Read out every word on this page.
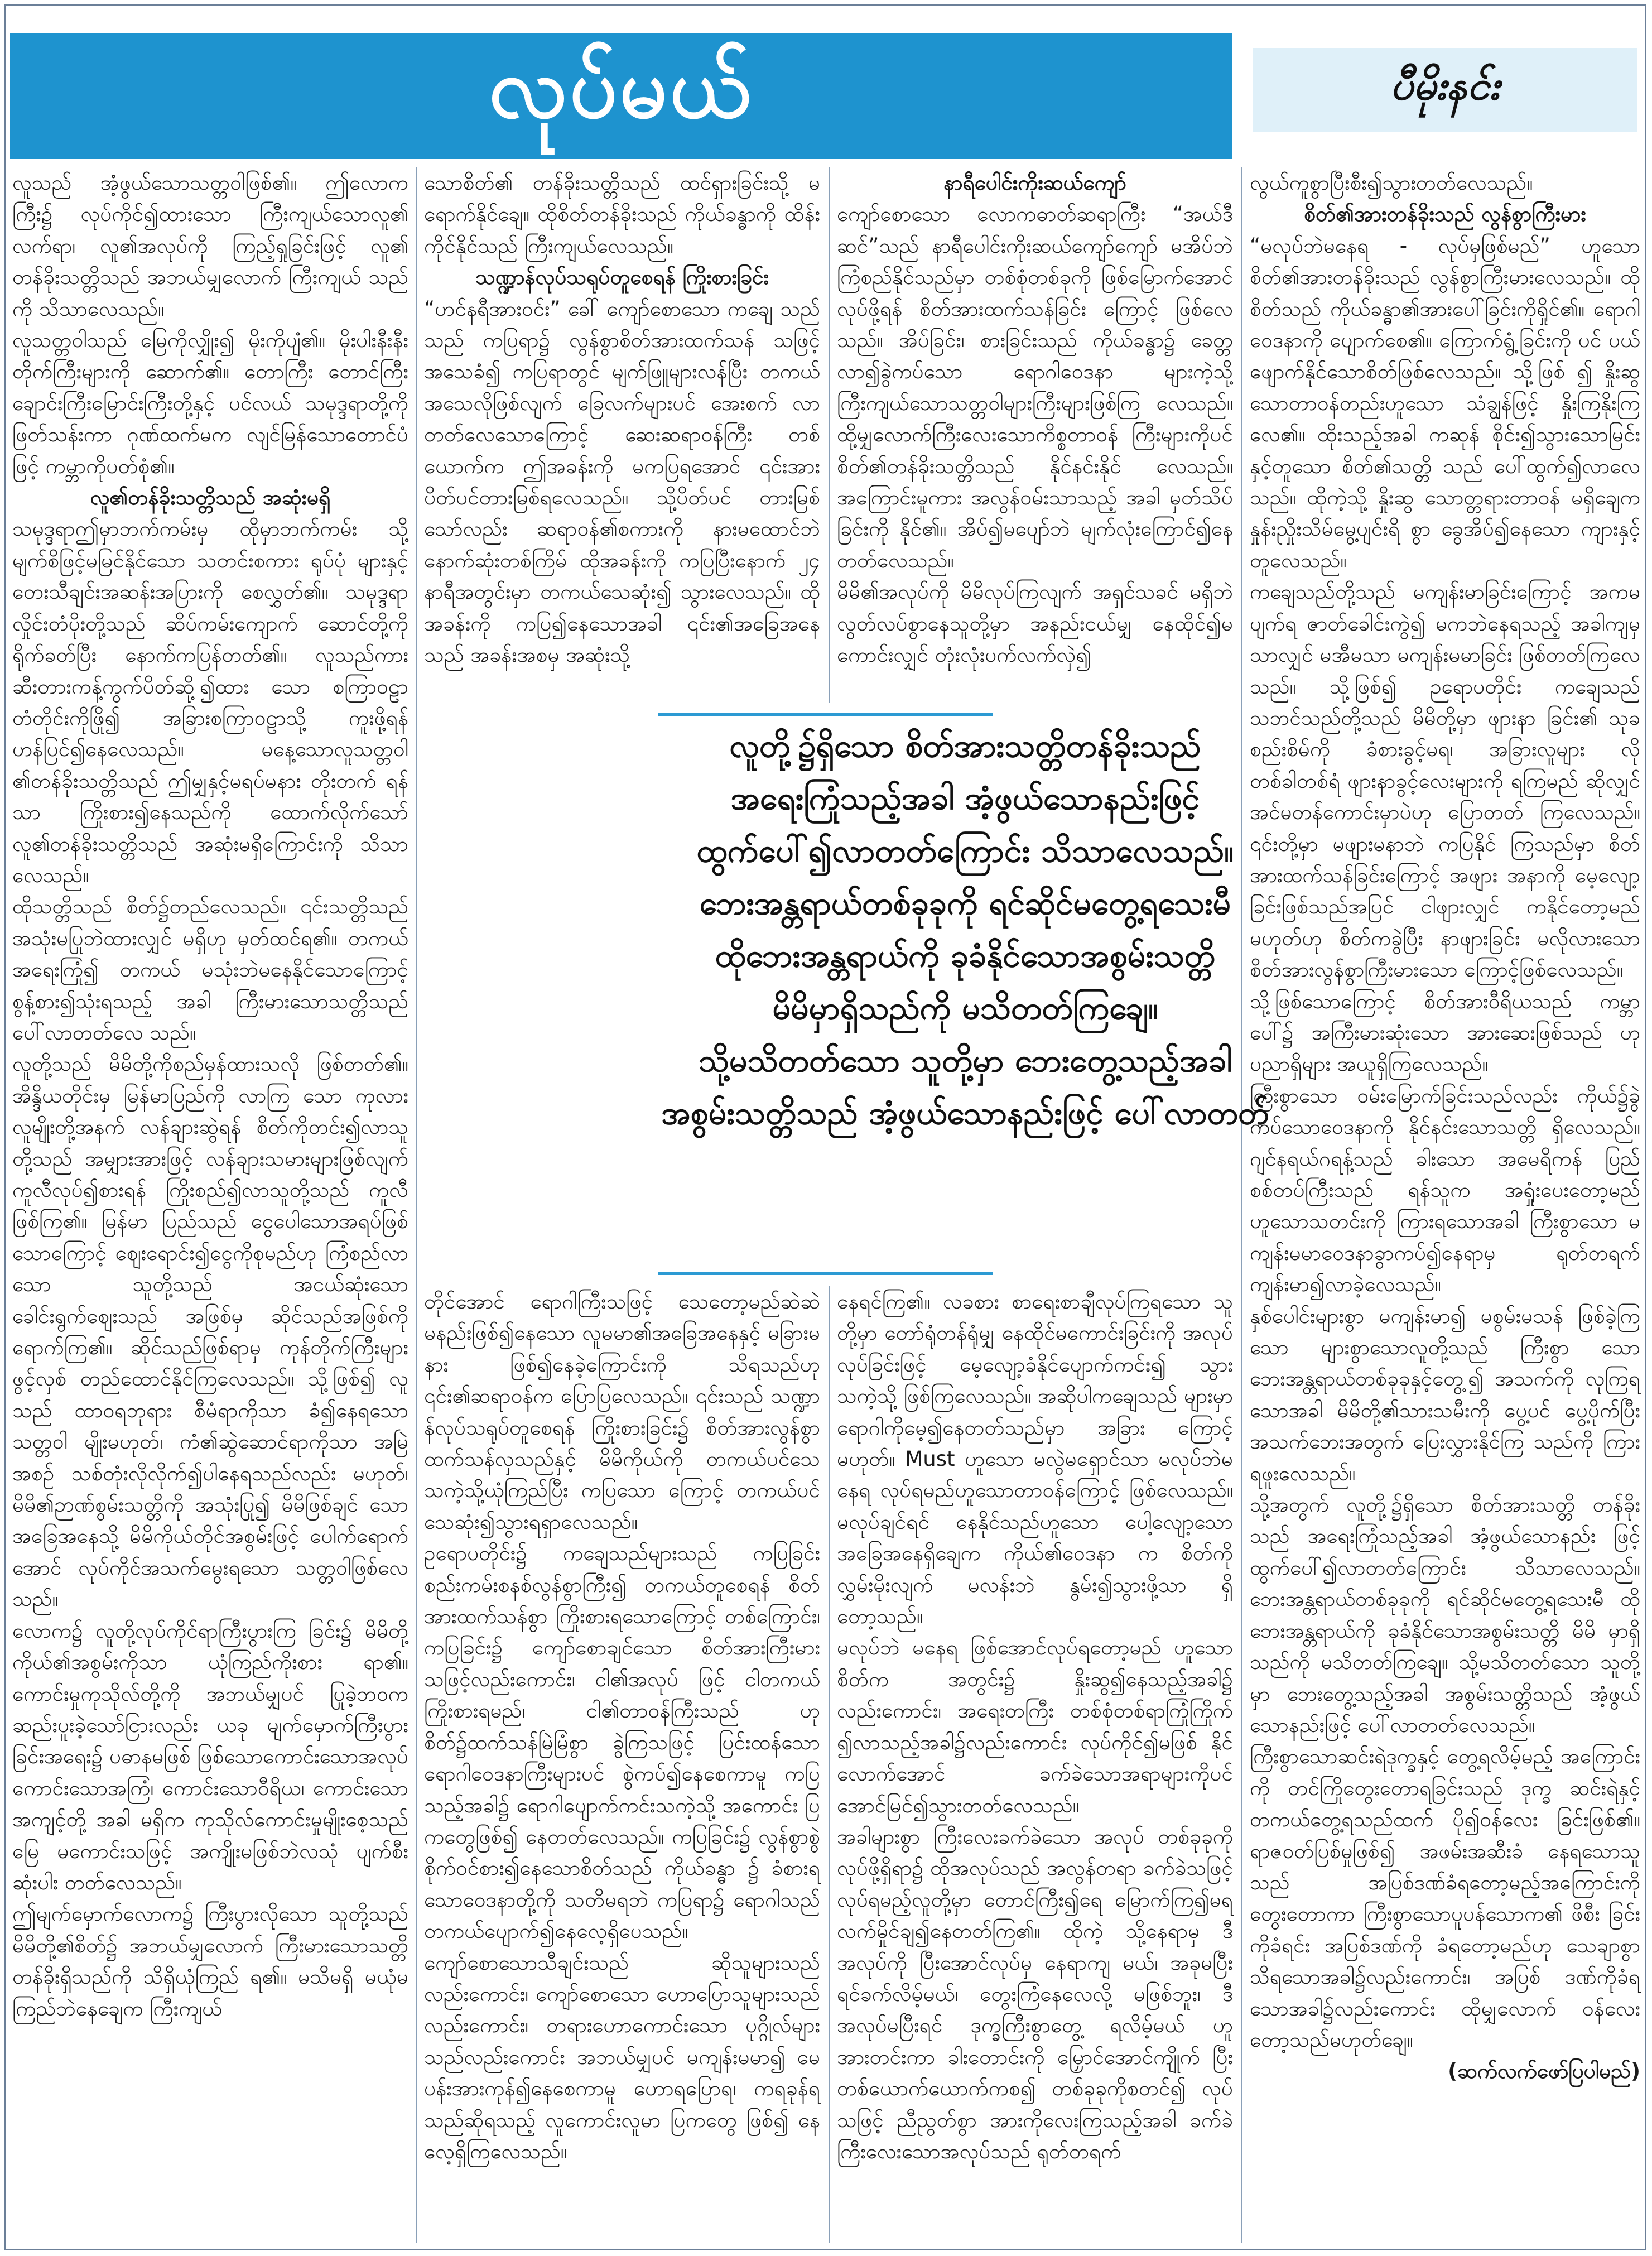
လုပ်မယ်	ပီမိုးနင်း

လူသည် အံ့ဖွယ်သောသတ္တဝါဖြစ်၏။ ဤလောက ကြီး၌ လုပ်ကိုင်၍ထားသော ကြီးကျယ်သောလူ၏ လက်ရာ၊ လူ၏အလုပ်ကို ကြည့်ရှုခြင်းဖြင့် လူ၏ တန်ခိုးသတ္တိသည် အဘယ်မျှလောက် ကြီးကျယ် သည်ကို သိသာလေသည်။

လူသတ္တဝါသည် မြေကိုလျှိုး၍ မိုးကိုပျံ၏။ မိုးပါးနီးနီးတိုက်ကြီးများကို ဆောက်၏။ တောကြီး တောင်ကြီး ချောင်းကြီးမြောင်းကြီးတို့နှင့် ပင်လယ် သမုဒ္ဒရာတို့ကို ဖြတ်သန်းကာ ဂုဏ်ထက်မက လျင်မြန်သောတောင်ပံဖြင့် ကမ္ဘာကိုပတ်စုံ၏။

လူ၏တန်ခိုးသတ္တိသည် အဆုံးမရှိ

သမုဒ္ဒရာဤမှာဘက်ကမ်းမှ ထိုမှာဘက်ကမ်း သို့ မျက်စိဖြင့်မမြင်နိုင်သော သတင်းစကား ရုပ်ပုံ များနှင့် တေးသီချင်းအဆန်းအပြားကို စေလွှတ်၏။ သမုဒ္ဒရာလှိုင်းတံပိုးတို့သည် ဆိပ်ကမ်းကျောက် ဆောင်တို့ကို ရိုက်ခတ်ပြီး နောက်ကပြန်တတ်၏။ လူသည်ကား ဆီးတားကန့်ကွက်ပိတ်ဆို့၍ထား သော စကြာဝဠာတံတိုင်းကိုဖြို၍ အခြားစကြာဝဠာသို့ ကူးဖို့ရန် ဟန်ပြင်၍နေလေသည်။ မနေ့သောလူသတ္တဝါ ၏တန်ခိုးသတ္တိသည် ဤမျှနှင့်မရပ်မနား တိုးတက် ရန်သာ ကြိုးစား၍နေသည်ကို ထောက်လိုက်သော် လူ၏တန်ခိုးသတ္တိသည် အဆုံးမရှိကြောင်းကို သိသာလေသည်။

ထိုသတ္တိသည် စိတ်၌တည်လေသည်။ ၎င်းသတ္တိသည် အသုံးမပြုဘဲထားလျှင် မရှိဟု မှတ်ထင်ရ၏။ တကယ်အရေးကြုံ၍ တကယ် မသုံးဘဲမနေနိုင်သောကြောင့် စွန့်စား၍သုံးရသည့် အခါ ကြီးမားသောသတ္တိသည် ပေါ်လာတတ်လေ သည်။

လူတို့သည် မိမိတို့ကိုစည်မှန်ထားသလို ဖြစ်တတ်၏။ အိန္ဒိယတိုင်းမှ မြန်မာပြည်ကို လာကြ သော ကုလားလူမျိုးတို့အနက် လန်ချားဆွဲရန် စိတ်ကိုတင်း၍လာသူတို့သည် အမျှားအားဖြင့် လန်ချားသမားများဖြစ်လျက် ကူလီလုပ်၍စားရန် ကြိုးစည်၍လာသူတို့သည် ကူလီဖြစ်ကြ၏။ မြန်မာ ပြည်သည် ငွေပေါသောအရပ်ဖြစ်သောကြောင့် ဈေးရောင်း၍ငွေကိုစုမည်ဟု ကြံစည်လာသော သူတို့သည် အငယ်ဆုံးသော ခေါင်းရွက်ဈေးသည် အဖြစ်မှ ဆိုင်သည်အဖြစ်ကို ရောက်ကြ၏။ ဆိုင်သည်ဖြစ်ရာမှ ကုန်တိုက်ကြီးများ ဖွင့်လှစ် တည်ထောင်နိုင်ကြလေသည်။ သို့ဖြစ်၍ လူသည် ထာဝရဘုရား စီမံရာကိုသာ ခံ၍နေရသောသတ္တဝါ မျိုးမဟုတ်၊ ကံ၏ဆွဲဆောင်ရာကိုသာ အမြဲအစဉ် သစ်တုံးလိုလိုက်၍ပါနေရသည်လည်း မဟုတ်၊ မိမိ၏ဉာဏ်စွမ်းသတ္တိကို အသုံးပြု၍ မိမိဖြစ်ချင် သောအခြေအနေသို့ မိမိကိုယ်တိုင်အစွမ်းဖြင့် ပေါက်ရောက်အောင် လုပ်ကိုင်အသက်မွေးရသော သတ္တဝါဖြစ်လေသည်။

လောက၌ လူတို့လုပ်ကိုင်ရာကြီးပွားကြ ခြင်း၌ မိမိတို့ကိုယ်၏အစွမ်းကိုသာ ယုံကြည်ကိုးစား ရာ၏။ ကောင်းမှုကုသိုလ်တို့ကို အဘယ်မျှပင် ပြုခဲ့ဘဝက ဆည်းပူးခဲ့သော်ငြားလည်း ယခု မျက်မှောက်ကြီးပွားခြင်းအရေး၌ ပဓာနမဖြစ် ဖြစ်သောကောင်းသောအလုပ်ကောင်းသောအကြံ၊ ကောင်းသောဝီရိယ၊ ကောင်းသောအကျင့်တို့ အခါ မရှိက ကုသိုလ်ကောင်းမှုမျိုးစေ့သည် မြေ မကောင်းသဖြင့် အကျိုးမဖြစ်ဘဲလသုံ ပျက်စီးဆုံးပါး တတ်လေသည်။

ဤမျက်မှောက်လောက၌ ကြီးပွားလိုသော သူတို့သည် မိမိတို့၏စိတ်၌ အဘယ်မျှလောက် ကြီးမားသောသတ္တိတန်ခိုးရှိသည်ကို သိရှိယုံကြည် ရ၏။ မသိမရှိ မယုံမကြည်ဘဲနေချေက ကြီးကျယ်

သောစိတ်၏ တန်ခိုးသတ္တိသည် ထင်ရှားခြင်းသို့ မရောက်နိုင်ချေ။ ထိုစိတ်တန်ခိုးသည် ကိုယ်ခန္ဓာကို ထိန်းကိုင်နိုင်သည် ကြီးကျယ်လေသည်။

သဏ္ဍာန်လုပ်သရုပ်တူစေရန် ကြိုးစားခြင်း

“ဟင်နရီအားဝင်း” ခေါ် ကျော်စောသော ကချေ သည်သည် ကပြရာ၌ လွန်စွာစိတ်အားထက်သန် သဖြင့် အသေခံ၍ ကပြရာတွင် မျက်ဖြူများလန်ပြီး တကယ်အသေလိုဖြစ်လျက် ခြေလက်များပင် အေးစက် လာတတ်လေသောကြောင့် ဆေးဆရာဝန်ကြီး တစ်ယောက်က ဤအခန်းကို မကပြရအောင် ၎င်းအား ပိတ်ပင်တားမြစ်ရလေသည်။ သို့ပိတ်ပင် တားမြစ်သော်လည်း ဆရာဝန်၏စကားကို နားမထောင်ဘဲ နောက်ဆုံးတစ်ကြိမ် ထိုအခန်းကို ကပြပြီးနောက် ၂၄ နာရီအတွင်းမှာ တကယ်သေဆုံး၍ သွားလေသည်။ ထိုအခန်းကို ကပြ၍နေသောအခါ ၎င်း၏အခြေအနေသည် အခန်းအစမှ အဆုံးသို့

နာရီပေါင်းကိုးဆယ်ကျော်

ကျော်စောသော လောကဓာတ်ဆရာကြီး “အယ်ဒီဆင်”သည် နာရီပေါင်းကိုးဆယ်ကျော်ကျော် မအိပ်ဘဲ ကြံစည်နိုင်သည်မှာ တစ်စုံတစ်ခုကို ဖြစ်မြောက်အောင် လုပ်ဖို့ရန် စိတ်အားထက်သန်ခြင်း ကြောင့် ဖြစ်လေသည်။ အိပ်ခြင်း၊ စားခြင်းသည် ကိုယ်ခန္ဓာ၌ ခေတ္တလာ၍ခွဲကပ်သော ရောဂါဝေဒနာ များကဲ့သို့ ကြီးကျယ်သောသတ္တဝါများကြီးများဖြစ်ကြ လေသည်။ ထို့မျှလောက်ကြီးလေးသောကိစ္စတာဝန် ကြီးများကိုပင် စိတ်၏တန်ခိုးသတ္တိသည် နိုင်နင်းနိုင် လေသည်။ အကြောင်းမူကား အလွန်ဝမ်းသာသည့် အခါ မှတ်သိပ်ခြင်းကို နိုင်၏။ အိပ်၍မပျော်ဘဲ မျက်လုံးကြောင်၍နေတတ်လေသည်။

မိမိ၏အလုပ်ကို မိမိလုပ်ကြလျက် အရှင်သခင် မရှိဘဲ လွတ်လပ်စွာနေသူတို့မှာ အနည်းငယ်မျှ နေထိုင်၍မကောင်းလျှင် တုံးလုံးပက်လက်လှဲ၍

လွယ်ကူစွာပြီးစီး၍သွားတတ်လေသည်။

စိတ်၏အားတန်ခိုးသည် လွန်စွာကြီးမား

“မလုပ်ဘဲမနေရ - လုပ်မှဖြစ်မည်” ဟူသော စိတ်၏အားတန်ခိုးသည် လွန်စွာကြီးမားလေသည်။ ထိုစိတ်သည် ကိုယ်ခန္ဓာ၏အားပေါ်ခြင်းကိုရှိုင်၏။ ရောဂါဝေဒနာကို ပျောက်စေ၏။ ကြောက်ရွံ့ခြင်းကို ပင် ပယ်ဖျောက်နိုင်သောစိတ်ဖြစ်လေသည်။ သို့ဖြစ် ၍ နှိုးဆွသောတာဝန်တည်းဟူသော သံချွန်ဖြင့် နှိုးကြနိုးကြလေ၏။ ထိုးသည့်အခါ ကဆုန် စိုင်း၍သွားသောမြင်းနှင့်တူသော စိတ်၏သတ္တိ သည် ပေါ်ထွက်၍လာလေသည်။ ထိုကဲ့သို့ နှိုးဆွ သောတ္တရားတာဝန် မရှိချေက နှုန်းညှိုးသိမ်မွေ့ပျင်းရိ စွာ ခွေအိပ်၍နေသော ကျားနှင့်တူလေသည်။

ကချေသည်တို့သည် မကျန်းမာခြင်းကြောင့် အကမပျက်ရ ဇာတ်ခေါင်းကွဲ၍ မကဘဲနေရသည့် အခါကျမှသာလျှင် မအီမသာ မကျန်းမမာခြင်း ဖြစ်တတ်ကြလေသည်။ သို့ဖြစ်၍ ဉရောပတိုင်း ကချေသည် သဘင်သည်တို့သည် မိမိတို့မှာ ဖျားနာ ခြင်း၏ သုခစည်းစိမ်ကို ခံစားခွင့်မရ၊ အခြားလူများ လို တစ်ခါတစ်ရံ ဖျားနာခွင့်လေးများကို ရကြမည် ဆိုလျှင် အင်မတန်ကောင်းမှာပဲဟု ပြောတတ် ကြလေသည်။ ၎င်းတို့မှာ မဖျားမနာဘဲ ကပြနိုင် ကြသည်မှာ စိတ်အားထက်သန်ခြင်းကြောင့် အဖျား အနာကို မေ့လျော့ခြင်းဖြစ်သည်အပြင် ငါဖျားလျှင် ကနိုင်တော့မည်မဟုတ်ဟု စိတ်ကခွဲပြီး နာဖျားခြင်း မလိုလားသော စိတ်အားလွန်စွာကြီးမားသော ကြောင့်ဖြစ်လေသည်။

သို့ဖြစ်သောကြောင့် စိတ်အားဝီရိယသည် ကမ္ဘာပေါ်၌ အကြီးမားဆုံးသော အားဆေးဖြစ်သည် ဟု ပညာရှိများ အယူရှိကြလေသည်။

ကြီးစွာသော ဝမ်းမြောက်ခြင်းသည်လည်း ကိုယ်၌ခွဲကပ်သောဝေဒနာကို နိုင်နင်းသောသတ္တိ ရှိလေသည်။ ဂျင်နရယ်ဂရန့်သည် ခါးသော အမေရိကန် ပြည်စစ်တပ်ကြီးသည် ရန်သူက အရှုံးပေးတော့မည် ဟူသောသတင်းကို ကြားရသောအခါ ကြီးစွာသော မကျန်းမမာဝေဒနာခွာကပ်၍နေရာမှ ရုတ်တရက် ကျန်းမာ၍လာခဲ့လေသည်။

နှစ်ပေါင်းများစွာ မကျန်းမာ၍ မစွမ်းမသန် ဖြစ်ခဲ့ကြသော များစွာသောလူတို့သည် ကြီးစွာ သော ဘေးအန္တရာယ်တစ်ခုခုနှင့်တွေ့၍ အသက်ကို လုကြရသောအခါ မိမိတို့၏သားသမီးကို ပွေ့ပင် ပွေ့ပိုက်ပြီး အသက်ဘေးအတွက် ပြေးလွှားနိုင်ကြ သည်ကို ကြားရဖူးလေသည်။

သို့အတွက် လူတို့၌ရှိသော စိတ်အားသတ္တိ တန်ခိုးသည် အရေးကြုံသည့်အခါ အံ့ဖွယ်သောနည်း ဖြင့် ထွက်ပေါ်၍လာတတ်ကြောင်း သိသာလေသည်။ ဘေးအန္တရာယ်တစ်ခုခုကို ရင်ဆိုင်မတွေ့ရသေးမီ ထိုဘေးအန္တရာယ်ကို ခုခံနိုင်သောအစွမ်းသတ္တိ မိမိ မှာရှိသည်ကို မသိတတ်ကြချေ။ သို့မသိတတ်သော သူတို့မှာ ဘေးတွေ့သည့်အခါ အစွမ်းသတ္တိသည် အံ့ဖွယ်သောနည်းဖြင့် ပေါ်လာတတ်လေသည်။

ကြီးစွာသောဆင်းရဲဒုက္ခနှင့် တွေ့ရလိမ့်မည့် အကြောင်းကို တင်ကြိုတွေးတောရခြင်းသည် ဒုက္ခ ဆင်းရဲနှင့် တကယ်တွေ့ရသည်ထက် ပို၍ဝန်လေး ခြင်းဖြစ်၏။ ရာဇဝတ်ပြစ်မှုဖြစ်၍ အဖမ်းအဆီးခံ နေရသောသူသည် အပြစ်ဒဏ်ခံရတော့မည့်အကြောင်းကို တွေးတောကာ ကြီးစွာသောပူပန်သောက၏ ဖိစီး ခြင်းကိုခံရင်း အပြစ်ဒဏ်ကို ခံရတော့မည်ဟု သေချာစွာ သိရသောအခါ၌လည်းကောင်း၊ အပြစ် ဒဏ်ကိုခံရသောအခါ၌လည်းကောင်း ထိုမျှလောက် ဝန်လေးတော့သည်မဟုတ်ချေ။

(ဆက်လက်ဖော်ပြပါမည်)

လူတို့၌ရှိသော စိတ်အားသတ္တိတန်ခိုးသည်

အရေးကြုံသည့်အခါ အံ့ဖွယ်သောနည်းဖြင့်

ထွက်ပေါ်၍လာတတ်ကြောင်း သိသာလေသည်။

ဘေးအန္တရာယ်တစ်ခုခုကို ရင်ဆိုင်မတွေ့ရသေးမီ

ထိုဘေးအန္တရာယ်ကို ခုခံနိုင်သောအစွမ်းသတ္တိ

မိမိမှာရှိသည်ကို မသိတတ်ကြချေ။

သို့မသိတတ်သော သူတို့မှာ ဘေးတွေ့သည့်အခါ

အစွမ်းသတ္တိသည် အံ့ဖွယ်သောနည်းဖြင့် ပေါ်လာတတ်

တိုင်အောင် ရောဂါကြီးသဖြင့် သေတော့မည်ဆဲဆဲ မနည်းဖြစ်၍နေသော လူမမာ၏အခြေအနေနှင့် မခြားမနား ဖြစ်၍နေခဲ့ကြောင်းကို သိရသည်ဟု ၎င်း၏ဆရာဝန်က ပြောပြလေသည်။ ၎င်းသည် သဏ္ဍာန်လုပ်သရုပ်တူစေရန် ကြိုးစားခြင်း၌ စိတ်အားလွန်စွာထက်သန်လှသည်နှင့် မိမိကိုယ်ကို တကယ်ပင်သေသကဲ့သို့ယုံကြည်ပြီး ကပြသော ကြောင့် တကယ်ပင်သေဆုံး၍သွားရရှာလေသည်။

ဥရောပတိုင်း၌ ကချေသည်များသည် ကပြခြင်း စည်းကမ်းစနစ်လွန်စွာကြီး၍ တကယ်တူစေရန် စိတ်အားထက်သန်စွာ ကြိုးစားရသောကြောင့် တစ်ကြောင်း၊ ကပြခြင်း၌ ကျော်စောချင်သော စိတ်အားကြီးမားသဖြင့်လည်းကောင်း၊ ငါ၏အလုပ် ဖြင့် ငါတကယ်ကြိုးစားရမည်၊ ငါ၏တာဝန်ကြီးသည် ဟု စိတ်၌ထက်သန်မြဲမြံစွာ ခွဲကြသဖြင့် ပြင်းထန်သော ရောဂါဝေဒနာကြီးများပင် စွဲကပ်၍နေစေကာမူ ကပြ သည့်အခါ၌ ရောဂါပျောက်ကင်းသကဲ့သို့ အကောင်း ပြကတွေဖြစ်၍ နေတတ်လေသည်။ ကပြခြင်း၌ လွန်စွာစွဲစိုက်ဝင်စား၍နေသောစိတ်သည် ကိုယ်ခန္ဓာ ၌ ခံစားရသောဝေဒနာတို့ကို သတိမရဘဲ ကပြရာ၌ ရောဂါသည် တကယ်ပျောက်၍နေလေ့ရှိပေသည်။

ကျော်စောသောသီချင်းသည် ဆိုသူများသည် လည်းကောင်း၊ ကျော်စောသော ဟောပြောသူများသည် လည်းကောင်း၊ တရားဟောကောင်းသော ပုဂ္ဂိုလ်များ သည်လည်းကောင်း အဘယ်မျှပင် မကျန်းမမာ၍ မေပန်းအားကုန်၍နေစေကာမူ ဟောရပြောရ၊ ကရခုန်ရသည်ဆိုရသည့် လူကောင်းလူမာ ပြကတွေ ဖြစ်၍ နေလေ့ရှိကြလေသည်။

နေရင်ကြ၏။ လခစား စာရေးစာချီလုပ်ကြရသော သူတို့မှာ တော်ရုံတန်ရုံမျှ နေထိုင်မကောင်းခြင်းကို အလုပ်လုပ်ခြင်းဖြင့် မေ့လျော့ခံနိုင်ပျောက်ကင်း၍ သွားသကဲ့သို့ ဖြစ်ကြလေသည်။ အဆိုပါကချေသည် များမှာ ရောဂါကိုမေ့၍နေတတ်သည်မှာ အခြား ကြောင့်မဟုတ်။ Must ဟူသော မလွဲမရှောင်သာ မလုပ်ဘဲမနေရ လုပ်ရမည်ဟူသောတာဝန်ကြောင့် ဖြစ်လေသည်။ မလုပ်ချင်ရင် နေနိုင်သည်ဟူသော ပေါ့လျော့သောအခြေအနေရှိချေက ကိုယ်၏ဝေဒနာ က စိတ်ကိုလွှမ်းမိုးလျက် မလန်းဘဲ နွမ်း၍သွားဖို့သာ ရှိတော့သည်။

မလုပ်ဘဲ မနေရ ဖြစ်အောင်လုပ်ရတော့မည် ဟူသောစိတ်က အတွင်း၌ နှိုးဆွ၍နေသည့်အခါ၌ လည်းကောင်း၊ အရေးတကြီး တစ်စုံတစ်ရာကြုံကြိုက် ၍လာသည့်အခါ၌လည်းကောင်း လုပ်ကိုင်၍မဖြစ် နိုင်လောက်အောင် ခက်ခဲသောအရာများကိုပင် အောင်မြင်၍သွားတတ်လေသည်။

အခါများစွာ ကြီးလေးခက်ခဲသော အလုပ် တစ်ခုခုကို လုပ်ဖို့ရှိရာ၌ ထိုအလုပ်သည် အလွန်တရာ ခက်ခဲသဖြင့် လုပ်ရမည့်လူတို့မှာ တောင်ကြီး၍ရေ မြောက်ကြ၍မရ လက်မှိုင်ချ၍နေတတ်ကြ၏။ ထိုကဲ့ သို့နေရာမှ ဒီအလုပ်ကို ပြီးအောင်လုပ်မှ နေရာကျ မယ်၊ အခုမပြီးရင်ခက်လိမ့်မယ်၊ တွေးကြံနေလေလို့ မဖြစ်ဘူး၊ ဒီအလုပ်မပြီးရင် ဒုက္ခကြီးစွာတွေ့ ရလိမ့်မယ် ဟူအားတင်းကာ ခါးတောင်းကို မြှောင်အောင်ကျိုက် ပြီး တစ်ယောက်ယောက်ကစ၍ တစ်ခုခုကိုစတင်၍ လုပ်သဖြင့် ညီညွတ်စွာ အားကိုလေးကြသည့်အခါ ခက်ခဲကြီးလေးသောအလုပ်သည် ရုတ်တရက်
